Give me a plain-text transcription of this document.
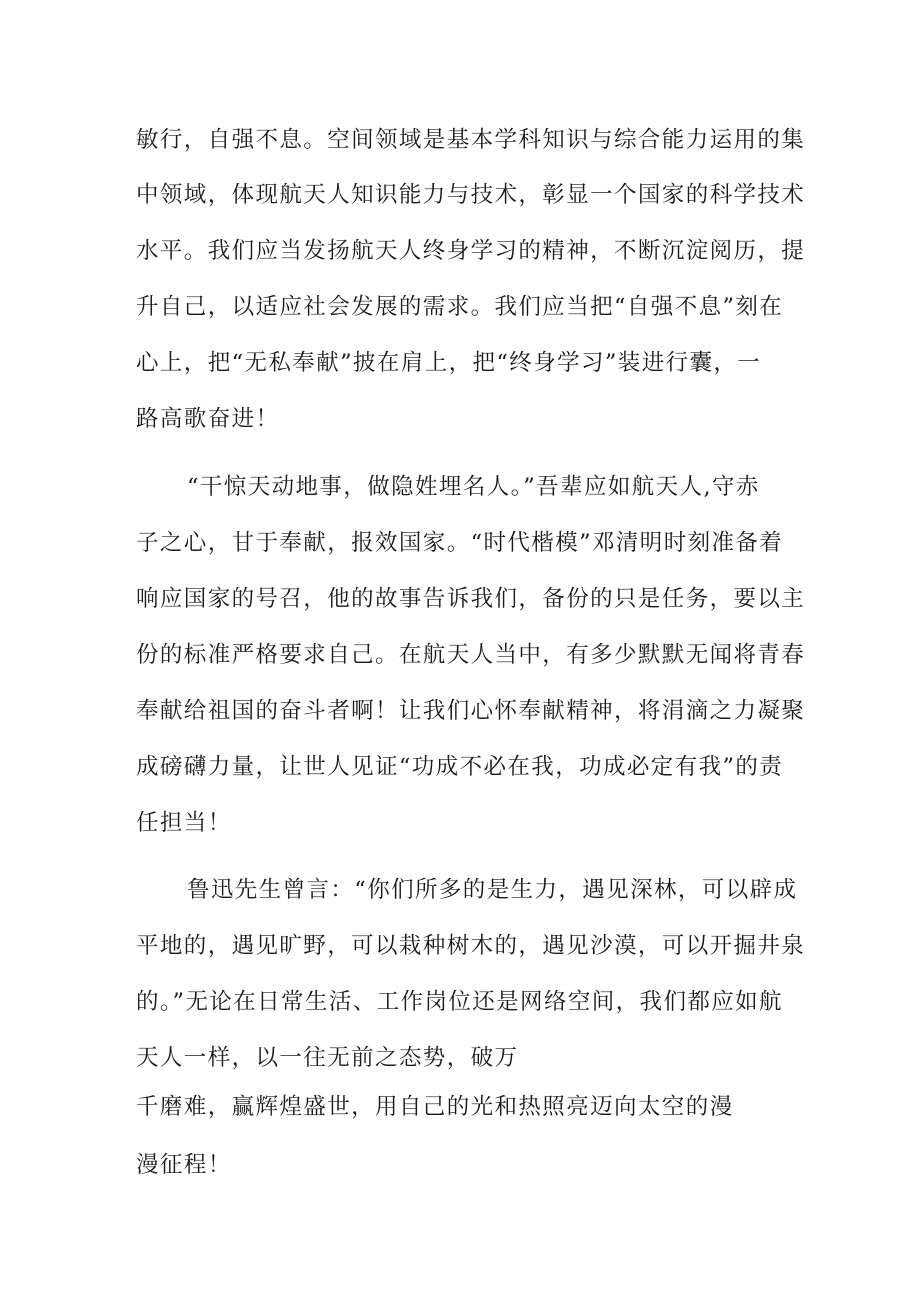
敏行，自强不息。空间领域是基本学科知识与综合能力运用的集

中领域，体现航天人知识能力与技术，彰显一个国家的科学技术

水平。我们应当发扬航天人终身学习的精神，不断沉淀阅历，提

升自己，以适应社会发展的需求。我们应当把“自强不息”刻在

心上，把“无私奉献”披在肩上，把“终身学习”装进行囊，一

路高歌奋进！

“干惊天动地事，做隐姓埋名人。”吾辈应如航天人,守赤

子之心，甘于奉献，报效国家。“时代楷模”邓清明时刻准备着

响应国家的号召，他的故事告诉我们，备份的只是任务，要以主

份的标准严格要求自己。在航天人当中，有多少默默无闻将青春

奉献给祖国的奋斗者啊！让我们心怀奉献精神，将涓滴之力凝聚

成磅礴力量，让世人见证“功成不必在我，功成必定有我”的责

任担当！

鲁迅先生曾言：“你们所多的是生力，遇见深林，可以辟成

平地的，遇见旷野，可以栽种树木的，遇见沙漠，可以开掘井泉

的。”无论在日常生活、工作岗位还是网络空间，我们都应如航

天人一样，以一往无前之态势，破万

千磨难，赢辉煌盛世，用自己的光和热照亮迈向太空的漫

漫征程！
